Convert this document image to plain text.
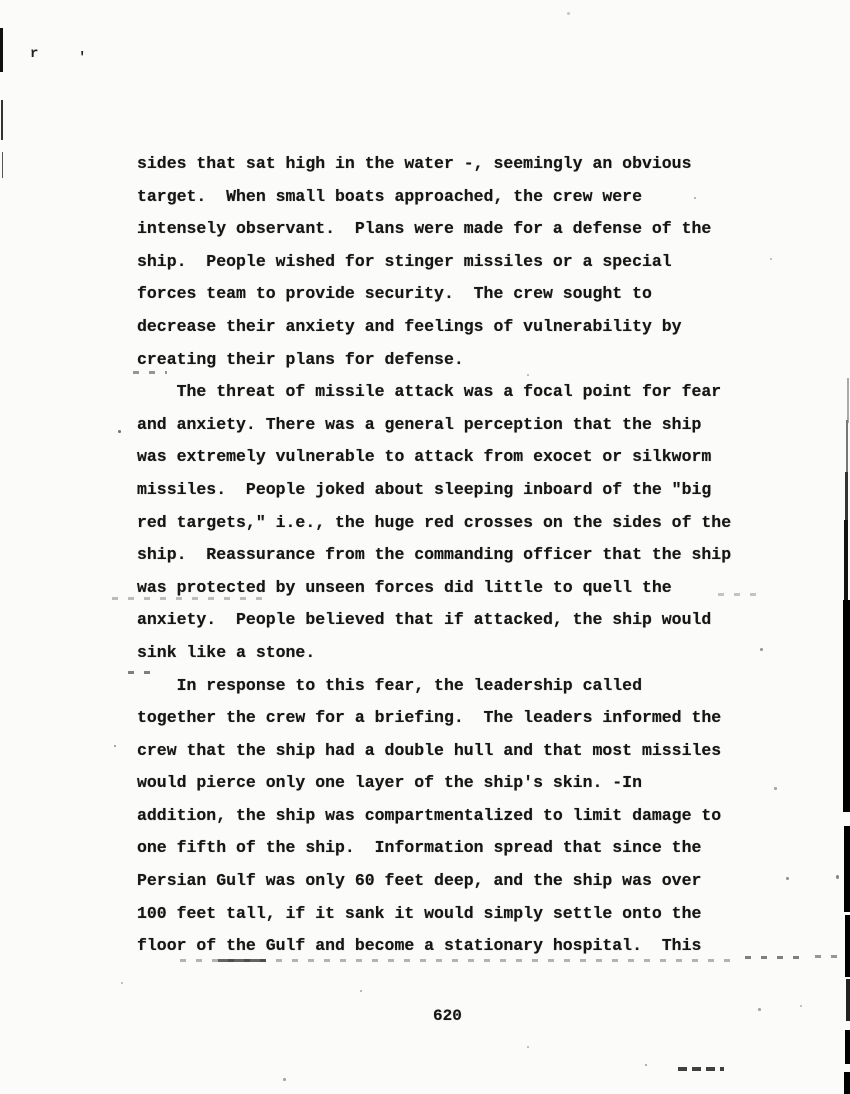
sides that sat high in the water -, seemingly an obvious
target.  When small boats approached, the crew were
intensely observant.  Plans were made for a defense of the
ship.  People wished for stinger missiles or a special
forces team to provide security.  The crew sought to
decrease their anxiety and feelings of vulnerability by
creating their plans for defense.
The threat of missile attack was a focal point for fear
and anxiety. There was a general perception that the ship
was extremely vulnerable to attack from exocet or silkworm
missiles.  People joked about sleeping inboard of the "big
red targets," i.e., the huge red crosses on the sides of the
ship.  Reassurance from the commanding officer that the ship
was protected by unseen forces did little to quell the
anxiety.  People believed that if attacked, the ship would
sink like a stone.
In response to this fear, the leadership called
together the crew for a briefing.  The leaders informed the
crew that the ship had a double hull and that most missiles
would pierce only one layer of the ship's skin. -In
addition, the ship was compartmentalized to limit damage to
one fifth of the ship.  Information spread that since the
Persian Gulf was only 60 feet deep, and the ship was over
100 feet tall, if it sank it would simply settle onto the
floor of the Gulf and become a stationary hospital.  This
620
r	'
